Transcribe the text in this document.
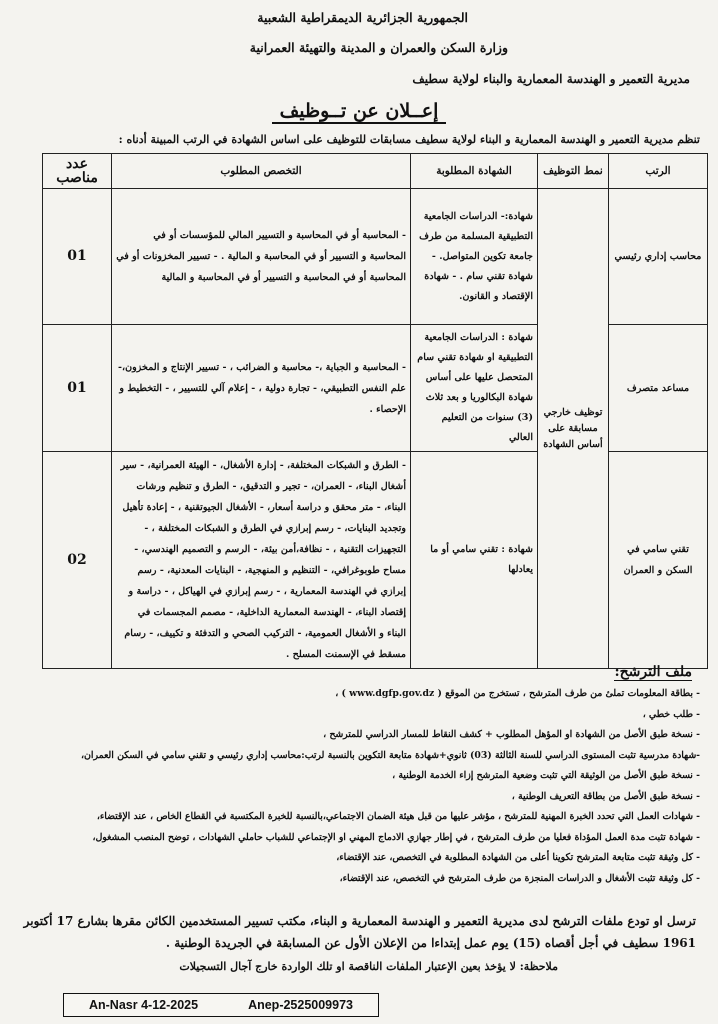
الجمهورية الجزائرية الديمقراطية الشعبية
وزارة السكن والعمران و المدينة والتهيئة العمرانية
مديرية التعمير و الهندسة المعمارية والبناء لولاية سطيف
إعــلان عن تــوظيف
تنظم مديرية التعمير و الهندسة المعمارية و البناء لولاية سطيف مسابقات للتوظيف على اساس الشهادة في الرتب المبينة أدناه :
الرتب	نمط التوظيف	الشهادة المطلوبة	التخصص المطلوب	عدد مناصب
محاسب إداري رئيسي	توظيف خارجي مسابقة على أساس الشهادة	شهادة:- الدراسات الجامعية التطبيقية المسلمة من طرف جامعة تكوين المتواصل. - شهادة تقني سام . - شهادة الإقتصاد و القانون.	- المحاسبة أو في المحاسبة و التسيير المالي للمؤسسات أو في المحاسبة و التسيير أو في المحاسبة و المالية . - تسيير المخزونات أو في المحاسبة أو في المحاسبة و التسيير أو في المحاسبة و المالية	01
مساعد متصرف		شهادة : الدراسات الجامعية التطبيقية او شهادة تقني سام المتحصل عليها على أساس شهادة البكالوريا و بعد ثلاث (3) سنوات من التعليم العالي	- المحاسبة و الجباية ،- محاسبة و الضرائب ، - تسيير الإنتاج و المخزون،- علم النفس التطبيقي، - تجارة دولية ، - إعلام آلي للتسيير ، - التخطيط و الإحصاء .	01
تقني سامي في السكن و العمران		شهادة : تقني سامي أو ما يعادلها	- الطرق و الشبكات المختلفة، - إدارة الأشغال، - الهيئة العمرانية، - سير أشغال البناء، - العمران، - تجير و التدقيق، - الطرق و تنظيم ورشات البناء، - متر محقق و دراسة أسعار، - الأشغال الجيوتقنية ، - إعادة تأهيل وتجديد البنايات، - رسم إبرازي في الطرق و الشبكات المختلفة ، - التجهيزات التقنية ، - نظافة،أمن بيئة، - الرسم و التصميم الهندسي، - مساح طوبوغرافي، - التنظيم و المنهجية، - البنايات المعدنية، - رسم إبرازي في الهندسة المعمارية ، - رسم إبرازي في الهياكل ، - دراسة و إقتصاد البناء، - الهندسة المعمارية الداخلية، - مصمم المجسمات في البناء و الأشغال العمومية، - التركيب الصحي و التدفئة و تكييف، - رسام مسقط في الإسمنت المسلح .	02
ملف الترشح:
- بطاقة المعلومات تملئ من طرف المترشح ، تستخرج من الموقع ( www.dgfp.gov.dz ) ،
- طلب خطي ،
- نسخة طبق الأصل من الشهادة او المؤهل المطلوب + كشف النقاط للمسار الدراسي للمترشح ،
-شهادة مدرسية تثبت المستوى الدراسي للسنة الثالثة (03) ثانوي+شهادة متابعة التكوين بالنسبة لرتب:محاسب إداري رئيسي و تقني سامي في السكن العمران،
- نسخة طبق الأصل من الوثيقة التي تثبت وضعية المترشح إزاء الخدمة الوطنية ،
- نسخة طبق الأصل من بطاقة التعريف الوطنية ،
- شهادات العمل التي تحدد الخبرة المهنية للمترشح ، مؤشر عليها من قبل هيئة الضمان الاجتماعي،بالنسبة للخبرة المكتسبة في القطاع الخاص ، عند الإقتضاء،
- شهادة تثبت مدة العمل المؤداة فعليا من طرف المترشح ، في إطار جهازي الادماج المهني او الإجتماعي للشباب حاملي الشهادات ، توضح المنصب المشغول،
- كل وثيقة تثبت متابعة المترشح تكوينا أعلى من الشهادة المطلوبة في التخصص، عند الإقتضاء،
- كل وثيقة تثبت الأشغال و الدراسات المنجزة من طرف المترشح في التخصص، عند الإقتضاء،
ترسل او تودع ملفات الترشح لدى مديرية التعمير و الهندسة المعمارية و البناء، مكتب تسيير المستخدمين الكائن مقرها بشارع 17 أكتوبر 1961 سطيف في أجل أقصاه (15) يوم عمل إبتداءا من الإعلان الأول عن المسابقة في الجريدة الوطنية .
ملاحظة: لا يؤخذ بعين الإعتبار الملفات الناقصة او تلك الواردة خارج آجال التسجيلات
An-Nasr 4-12-2025	Anep-2525009973
